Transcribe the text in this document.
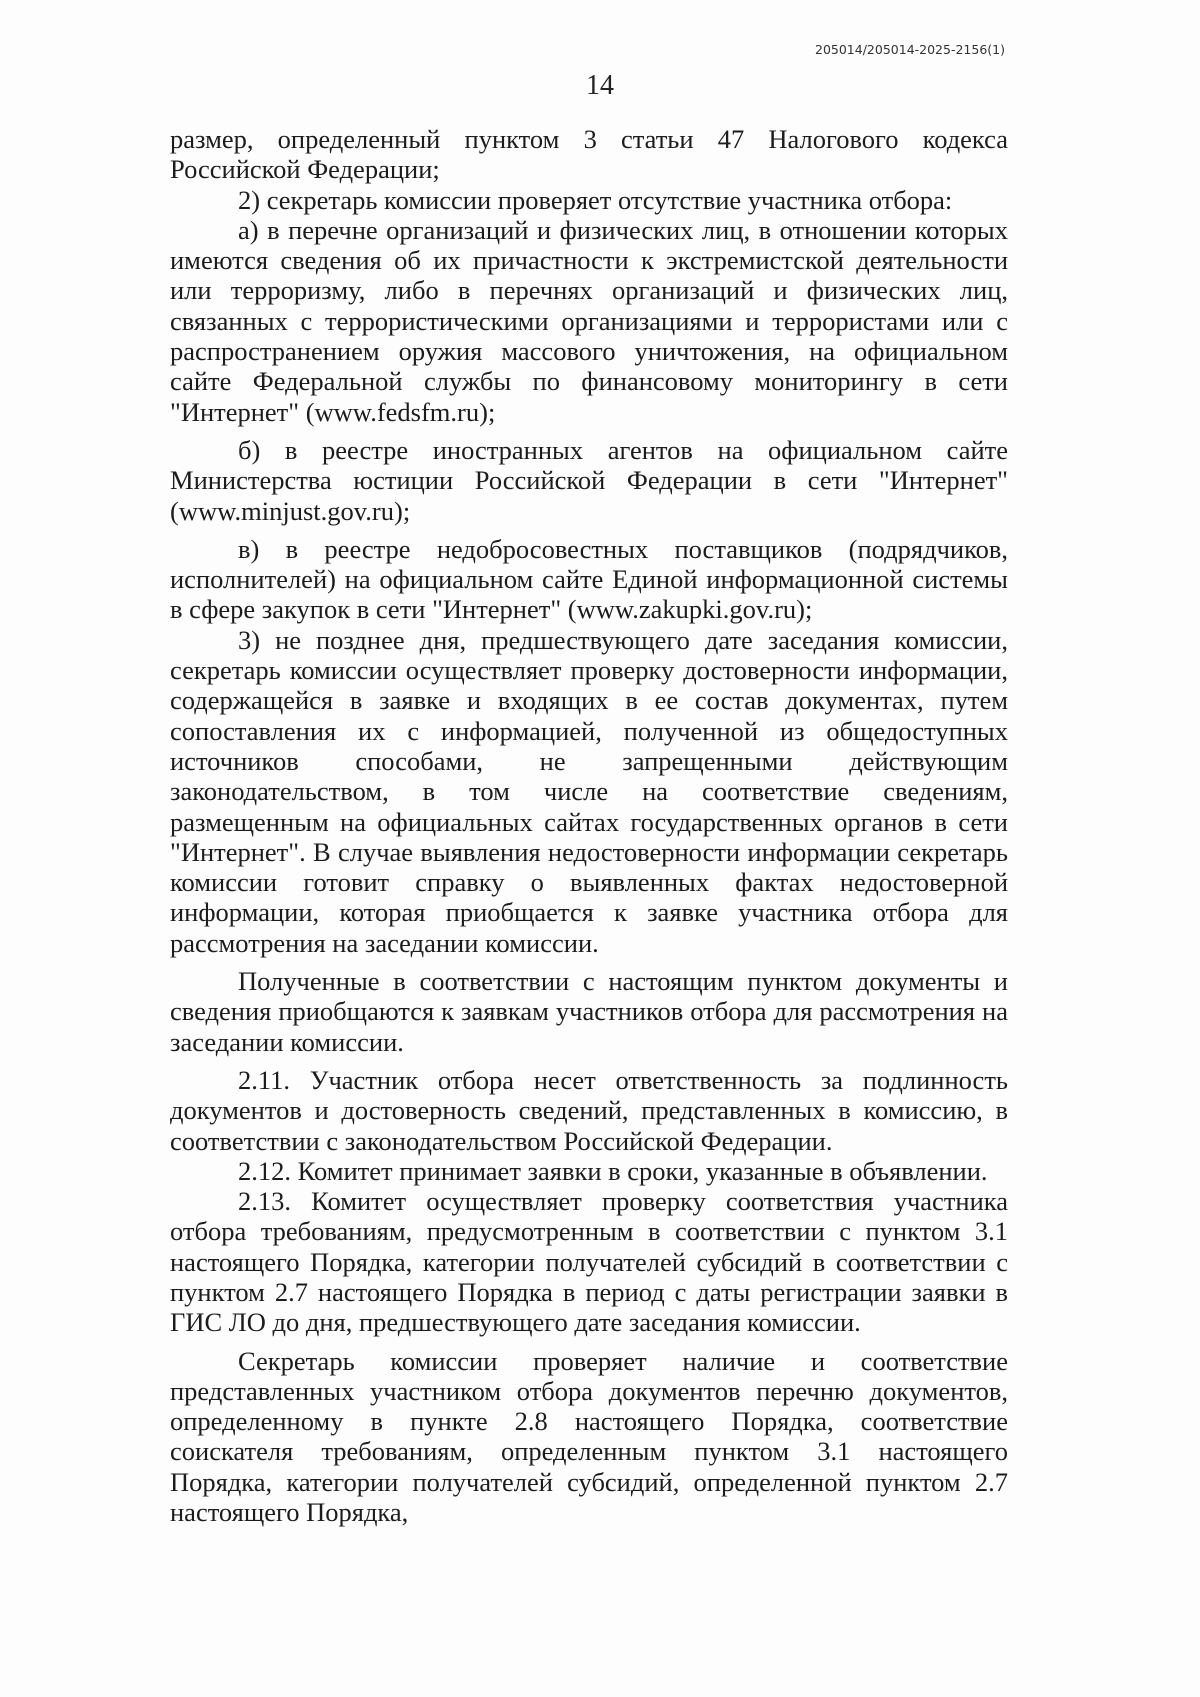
205014/205014-2025-2156(1)
14

размер, определенный пунктом 3 статьи 47 Налогового кодекса Российской Федерации;

2) секретарь комиссии проверяет отсутствие участника отбора:

а) в перечне организаций и физических лиц, в отношении которых имеются сведения об их причастности к экстремистской деятельности или терроризму, либо в перечнях организаций и физических лиц, связанных с террористическими организациями и террористами или с распространением оружия массового уничтожения, на официальном сайте Федеральной службы по финансовому мониторингу в сети "Интернет" (www.fedsfm.ru);

б) в реестре иностранных агентов на официальном сайте Министерства юстиции Российской Федерации в сети "Интернет" (www.minjust.gov.ru);

в) в реестре недобросовестных поставщиков (подрядчиков, исполнителей) на официальном сайте Единой информационной системы в сфере закупок в сети "Интернет" (www.zakupki.gov.ru);

3) не позднее дня, предшествующего дате заседания комиссии, секретарь комиссии осуществляет проверку достоверности информации, содержащейся в заявке и входящих в ее состав документах, путем сопоставления их с информацией, полученной из общедоступных источников способами, не запрещенными действующим законодательством, в том числе на соответствие сведениям, размещенным на официальных сайтах государственных органов в сети "Интернет". В случае выявления недостоверности информации секретарь комиссии готовит справку о выявленных фактах недостоверной информации, которая приобщается к заявке участника отбора для рассмотрения на заседании комиссии.

Полученные в соответствии с настоящим пунктом документы и сведения приобщаются к заявкам участников отбора для рассмотрения на заседании комиссии.

2.11. Участник отбора несет ответственность за подлинность документов и достоверность сведений, представленных в комиссию, в соответствии с законодательством Российской Федерации.

2.12. Комитет принимает заявки в сроки, указанные в объявлении.

2.13. Комитет осуществляет проверку соответствия участника отбора требованиям, предусмотренным в соответствии с пунктом 3.1 настоящего Порядка, категории получателей субсидий в соответствии с пунктом 2.7 настоящего Порядка в период с даты регистрации заявки в ГИС ЛО до дня, предшествующего дате заседания комиссии.

Секретарь комиссии проверяет наличие и соответствие представленных участником отбора документов перечню документов, определенному в пункте 2.8 настоящего Порядка, соответствие соискателя требованиям, определенным пунктом 3.1 настоящего Порядка, категории получателей субсидий, определенной пунктом 2.7 настоящего Порядка,
